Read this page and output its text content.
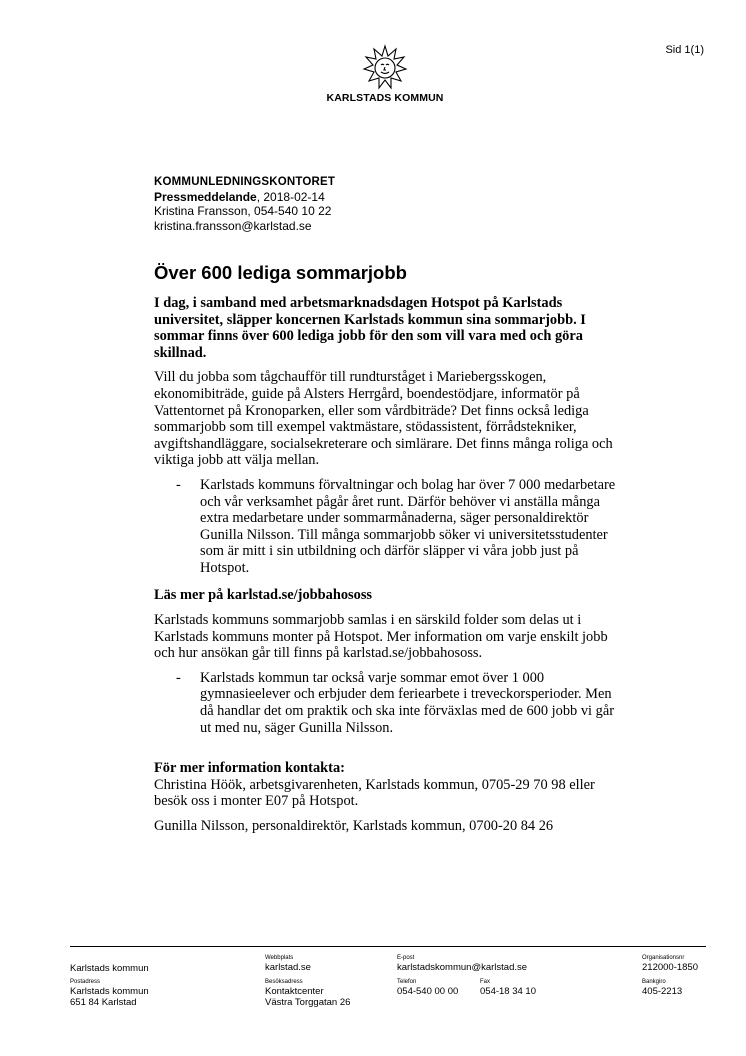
Sid 1(1)
KARLSTADS KOMMUN
KOMMUNLEDNINGSKONTORET
Pressmeddelande, 2018-02-14
Kristina Fransson, 054-540 10 22
kristina.fransson@karlstad.se
Över 600 lediga sommarjobb

I dag, i samband med arbetsmarknadsdagen Hotspot på Karlstads universitet, släpper koncernen Karlstads kommun sina sommarjobb. I sommar finns över 600 lediga jobb för den som vill vara med och göra skillnad.

Vill du jobba som tågchaufför till rundturståget i Mariebergsskogen, ekonomibiträde, guide på Alsters Herrgård, boendestödjare, informatör på Vattentornet på Kronoparken, eller som vårdbiträde? Det finns också lediga sommarjobb som till exempel vaktmästare, stödassistent, förrådstekniker, avgiftshandläggare, socialsekreterare och simlärare. Det finns många roliga och viktiga jobb att välja mellan.

- Karlstads kommuns förvaltningar och bolag har över 7 000 medarbetare och vår verksamhet pågår året runt. Därför behöver vi anställa många extra medarbetare under sommarmånaderna, säger personaldirektör Gunilla Nilsson. Till många sommarjobb söker vi universitetsstudenter som är mitt i sin utbildning och därför släpper vi våra jobb just på Hotspot.
Läs mer på karlstad.se/jobbahososs

Karlstads kommuns sommarjobb samlas i en särskild folder som delas ut i Karlstads kommuns monter på Hotspot. Mer information om varje enskilt jobb och hur ansökan går till finns på karlstad.se/jobbahososs.

- Karlstads kommun tar också varje sommar emot över 1 000 gymnasieelever och erbjuder dem feriearbete i treveckorsperioder. Men då handlar det om praktik och ska inte förväxlas med de 600 jobb vi går ut med nu, säger Gunilla Nilsson.

För mer information kontakta:

Christina Höök, arbetsgivarenheten, Karlstads kommun, 0705-29 70 98 eller besök oss i monter E07 på Hotspot.

Gunilla Nilsson, personaldirektör, Karlstads kommun, 0700-20 84 26

Karlstads kommun
Postadress
Karlstads kommun
651 84 Karlstad
Webbplats
karlstad.se
Besöksadress
Kontaktcenter
Västra Torggatan 26
E-post
karlstadskommun@karlstad.se
Telefon
054-540 00 00
Fax
054-18 34 10
Organisationsnr
212000-1850
Bankgiro
405-2213
